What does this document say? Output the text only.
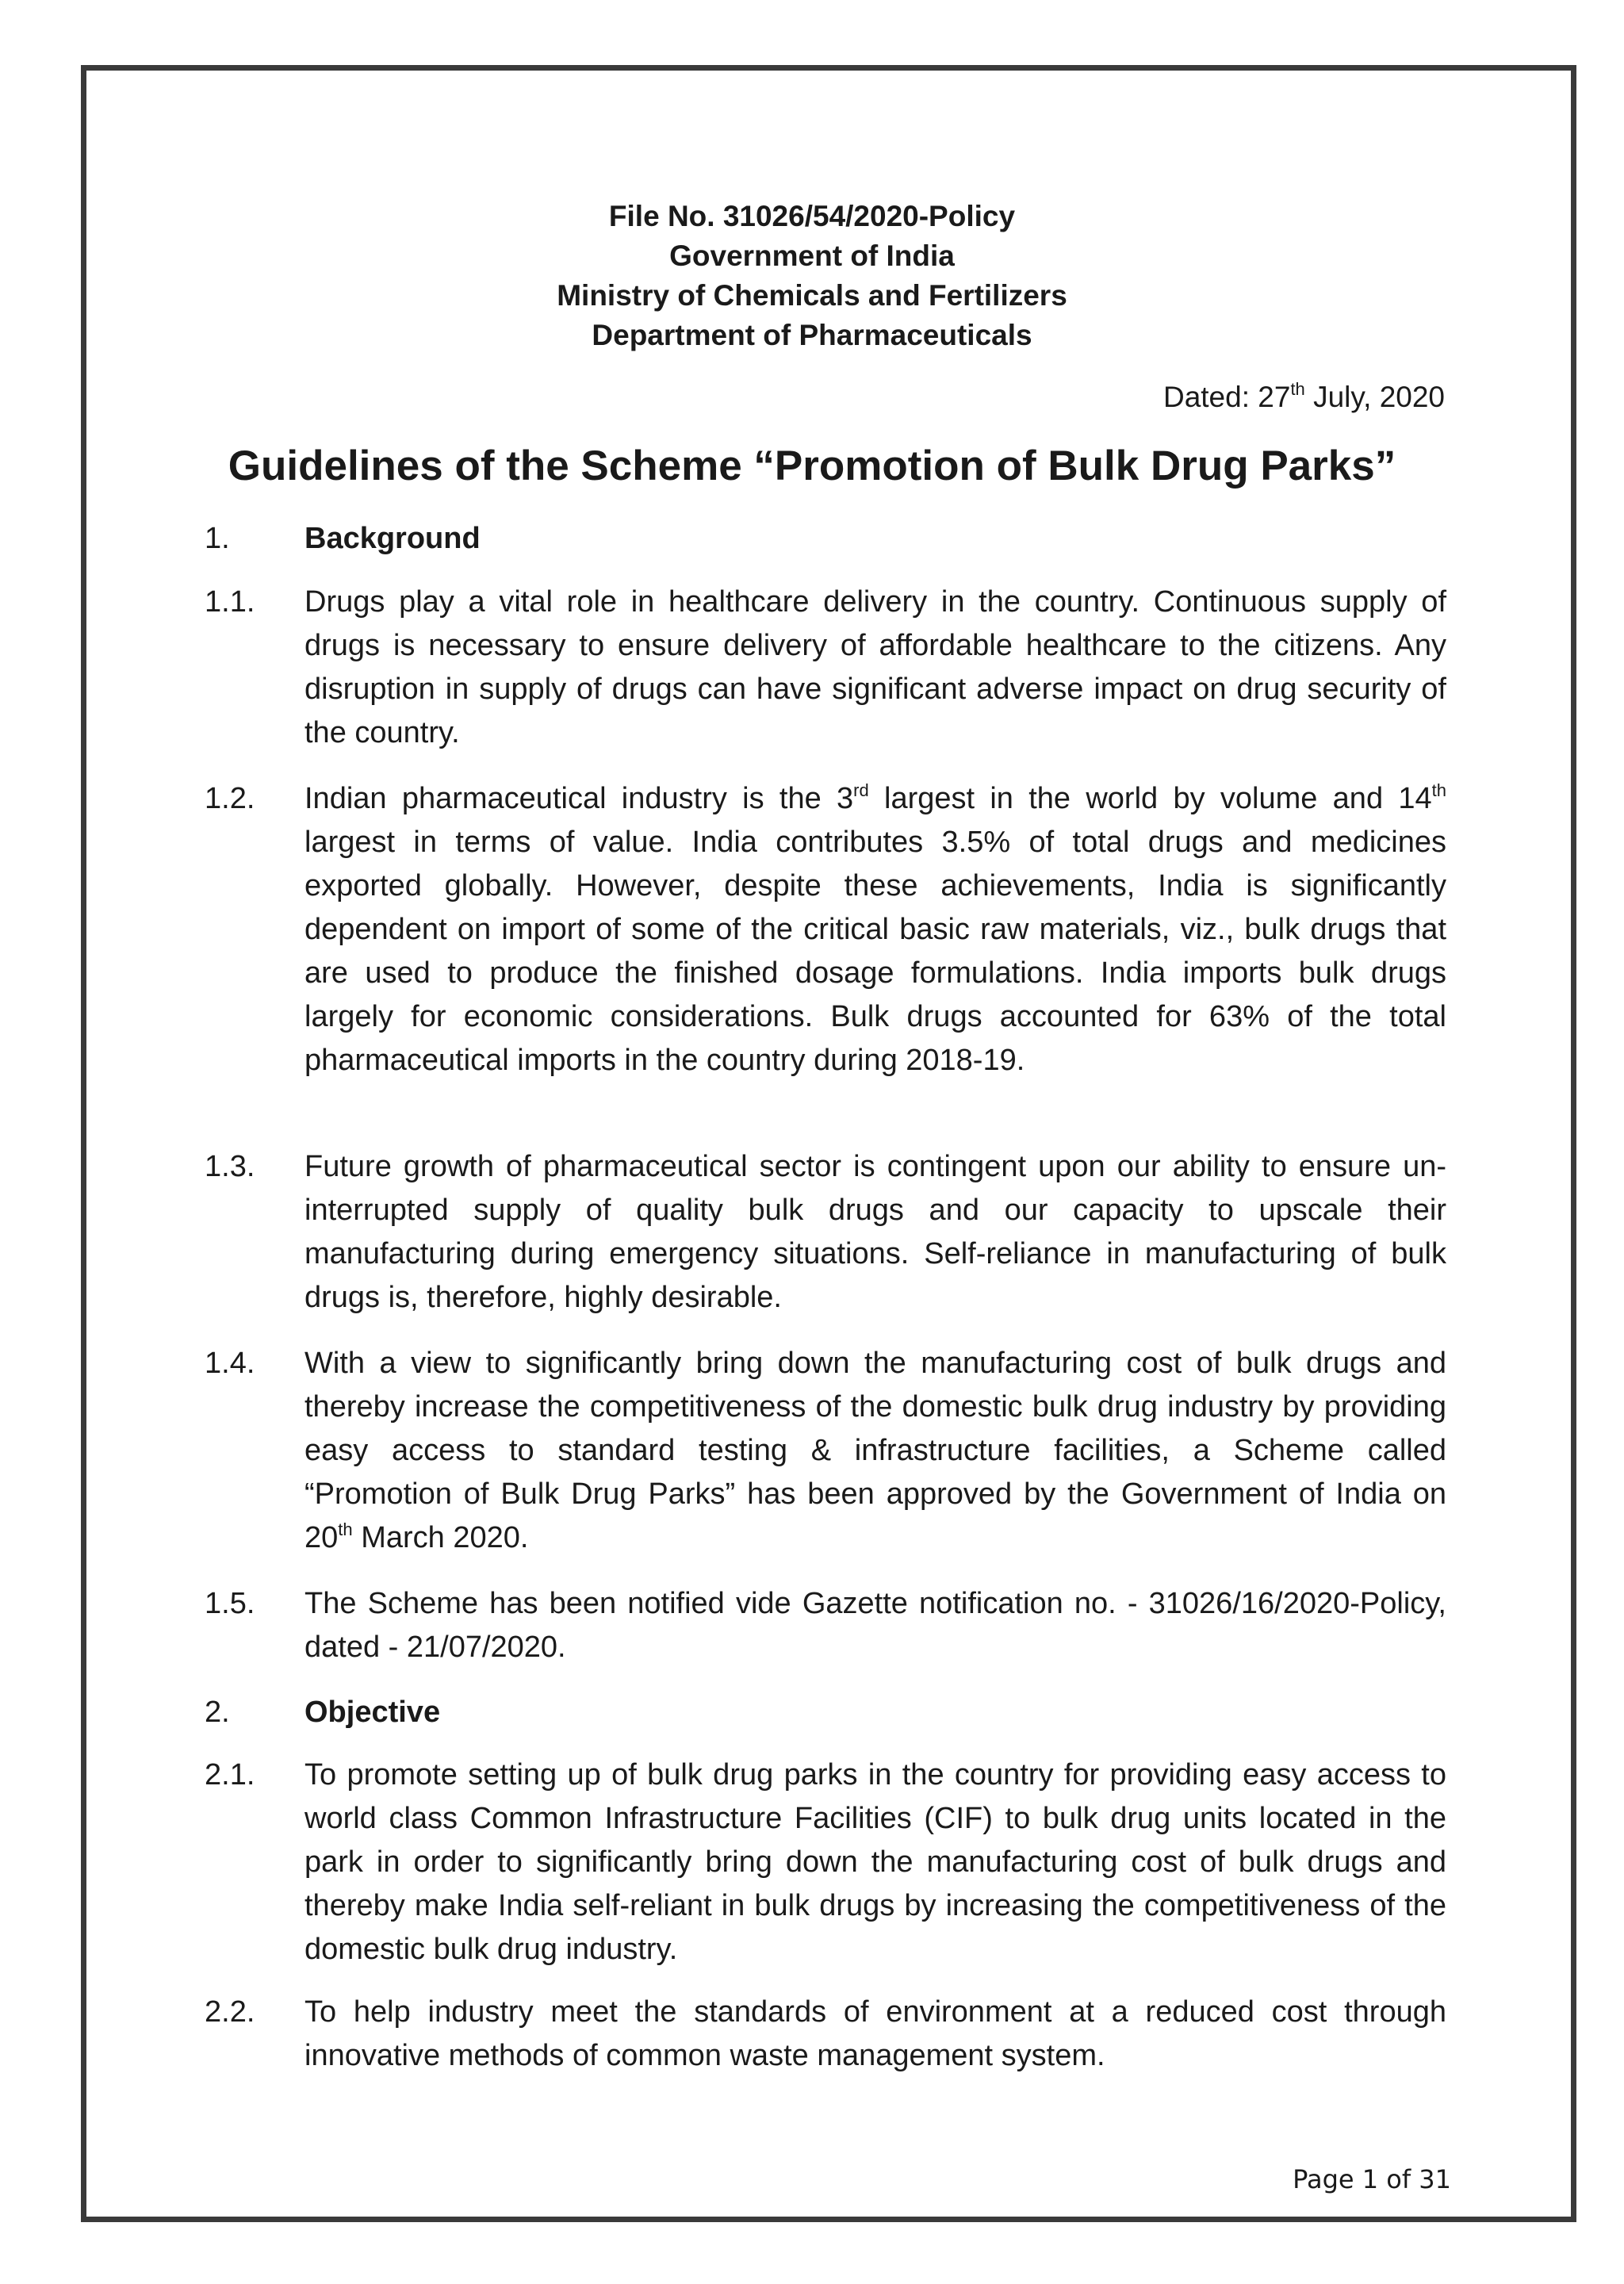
File No. 31026/54/2020-Policy
Government of India
Ministry of Chemicals and Fertilizers
Department of Pharmaceuticals
Dated: 27th July, 2020
Guidelines of the Scheme “Promotion of Bulk Drug Parks”
1. Background
1.1. Drugs play a vital role in healthcare delivery in the country. Continuous supply of drugs is necessary to ensure delivery of affordable healthcare to the citizens. Any disruption in supply of drugs can have significant adverse impact on drug security of the country.
1.2. Indian pharmaceutical industry is the 3rd largest in the world by volume and 14th largest in terms of value. India contributes 3.5% of total drugs and medicines exported globally. However, despite these achievements, India is significantly dependent on import of some of the critical basic raw materials, viz., bulk drugs that are used to produce the finished dosage formulations. India imports bulk drugs largely for economic considerations. Bulk drugs accounted for 63% of the total pharmaceutical imports in the country during 2018-19.
1.3. Future growth of pharmaceutical sector is contingent upon our ability to ensure un-interrupted supply of quality bulk drugs and our capacity to upscale their manufacturing during emergency situations. Self-reliance in manufacturing of bulk drugs is, therefore, highly desirable.
1.4. With a view to significantly bring down the manufacturing cost of bulk drugs and thereby increase the competitiveness of the domestic bulk drug industry by providing easy access to standard testing & infrastructure facilities, a Scheme called “Promotion of Bulk Drug Parks” has been approved by the Government of India on 20th March 2020.
1.5. The Scheme has been notified vide Gazette notification no. - 31026/16/2020-Policy, dated - 21/07/2020.
2. Objective
2.1. To promote setting up of bulk drug parks in the country for providing easy access to world class Common Infrastructure Facilities (CIF) to bulk drug units located in the park in order to significantly bring down the manufacturing cost of bulk drugs and thereby make India self-reliant in bulk drugs by increasing the competitiveness of the domestic bulk drug industry.
2.2. To help industry meet the standards of environment at a reduced cost through innovative methods of common waste management system.
Page 1 of 31
